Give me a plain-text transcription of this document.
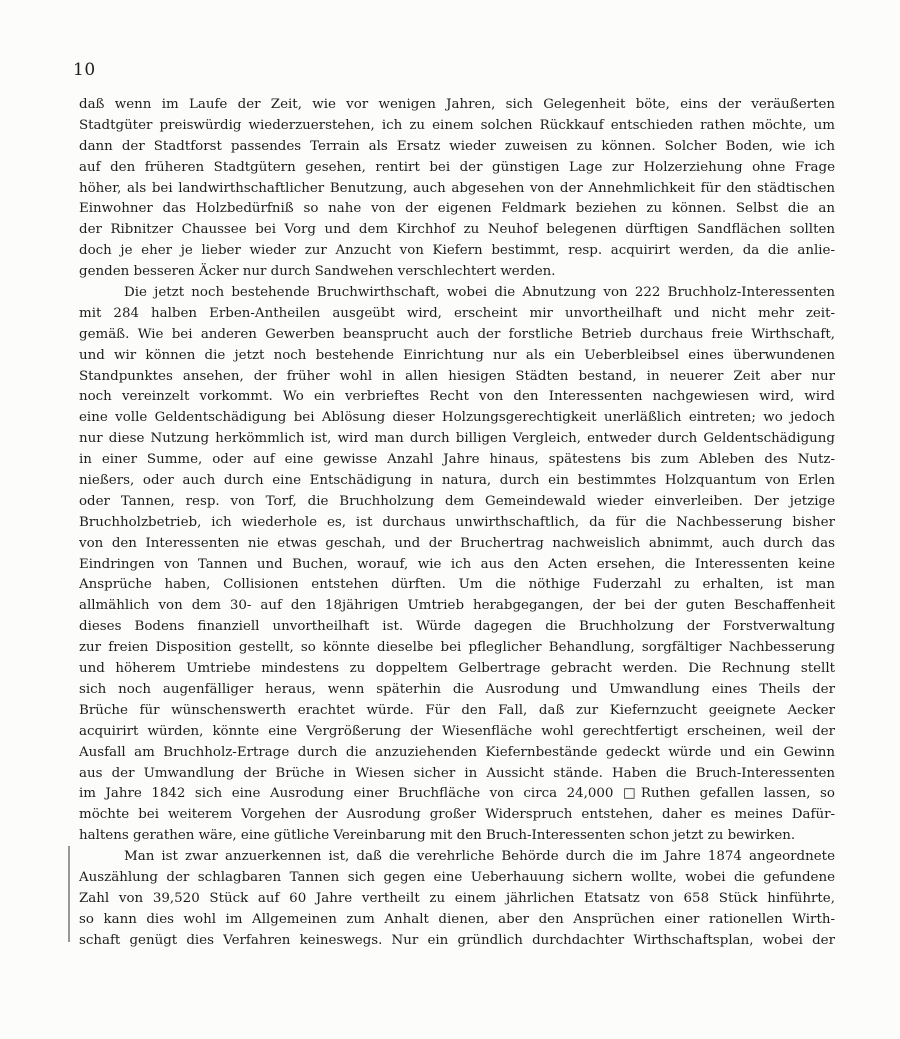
10
daß wenn im Laufe der Zeit, wie vor wenigen Jahren, sich Gelegenheit böte, eins der veräußerten
Stadtgüter preiswürdig wiederzuerstehen, ich zu einem solchen Rückkauf entschieden rathen möchte, um
dann der Stadtforst passendes Terrain als Ersatz wieder zuweisen zu können. Solcher Boden, wie ich
auf den früheren Stadtgütern gesehen, rentirt bei der günstigen Lage zur Holzerziehung ohne Frage
höher, als bei landwirthschaftlicher Benutzung, auch abgesehen von der Annehmlichkeit für den städtischen
Einwohner das Holzbedürfniß so nahe von der eigenen Feldmark beziehen zu können. Selbst die an
der Ribnitzer Chaussee bei Vorg und dem Kirchhof zu Neuhof belegenen dürftigen Sandflächen sollten
doch je eher je lieber wieder zur Anzucht von Kiefern bestimmt, resp. acquirirt werden, da die anlie-
genden besseren Äcker nur durch Sandwehen verschlechtert werden.
Die jetzt noch bestehende Bruchwirthschaft, wobei die Abnutzung von 222 Bruchholz-Interessenten
mit 284 halben Erben-Antheilen ausgeübt wird, erscheint mir unvortheilhaft und nicht mehr zeit-
gemäß. Wie bei anderen Gewerben beansprucht auch der forstliche Betrieb durchaus freie Wirthschaft,
und wir können die jetzt noch bestehende Einrichtung nur als ein Ueberbleibsel eines überwundenen
Standpunktes ansehen, der früher wohl in allen hiesigen Städten bestand, in neuerer Zeit aber nur
noch vereinzelt vorkommt. Wo ein verbrieftes Recht von den Interessenten nachgewiesen wird, wird
eine volle Geldentschädigung bei Ablösung dieser Holzungsgerechtigkeit unerläßlich eintreten; wo jedoch
nur diese Nutzung herkömmlich ist, wird man durch billigen Vergleich, entweder durch Geldentschädigung
in einer Summe, oder auf eine gewisse Anzahl Jahre hinaus, spätestens bis zum Ableben des Nutz-
nießers, oder auch durch eine Entschädigung in natura, durch ein bestimmtes Holzquantum von Erlen
oder Tannen, resp. von Torf, die Bruchholzung dem Gemeindewald wieder einverleiben. Der jetzige
Bruchholzbetrieb, ich wiederhole es, ist durchaus unwirthschaftlich, da für die Nachbesserung bisher
von den Interessenten nie etwas geschah, und der Bruchertrag nachweislich abnimmt, auch durch das
Eindringen von Tannen und Buchen, worauf, wie ich aus den Acten ersehen, die Interessenten keine
Ansprüche haben, Collisionen entstehen dürften. Um die nöthige Fuderzahl zu erhalten, ist man
allmählich von dem 30- auf den 18jährigen Umtrieb herabgegangen, der bei der guten Beschaffenheit
dieses Bodens finanziell unvortheilhaft ist. Würde dagegen die Bruchholzung der Forstverwaltung
zur freien Disposition gestellt, so könnte dieselbe bei pfleglicher Behandlung, sorgfältiger Nachbesserung
und höherem Umtriebe mindestens zu doppeltem Gelbertrage gebracht werden. Die Rechnung stellt
sich noch augenfälliger heraus, wenn späterhin die Ausrodung und Umwandlung eines Theils der
Brüche für wünschenswerth erachtet würde. Für den Fall, daß zur Kiefernzucht geeignete Aecker
acquirirt würden, könnte eine Vergrößerung der Wiesenfläche wohl gerechtfertigt erscheinen, weil der
Ausfall am Bruchholz-Ertrage durch die anzuziehenden Kiefernbestände gedeckt würde und ein Gewinn
aus der Umwandlung der Brüche in Wiesen sicher in Aussicht stände. Haben die Bruch-Interessenten
im Jahre 1842 sich eine Ausrodung einer Bruchfläche von circa 24,000 □Ruthen gefallen lassen, so
möchte bei weiterem Vorgehen der Ausrodung großer Widerspruch entstehen, daher es meines Dafür-
haltens gerathen wäre, eine gütliche Vereinbarung mit den Bruch-Interessenten schon jetzt zu bewirken.
Man ist zwar anzuerkennen ist, daß die verehrliche Behörde durch die im Jahre 1874 angeordnete
Auszählung der schlagbaren Tannen sich gegen eine Ueberhauung sichern wollte, wobei die gefundene
Zahl von 39,520 Stück auf 60 Jahre vertheilt zu einem jährlichen Etatsatz von 658 Stück hinführte,
so kann dies wohl im Allgemeinen zum Anhalt dienen, aber den Ansprüchen einer rationellen Wirth-
schaft genügt dies Verfahren keineswegs. Nur ein gründlich durchdachter Wirthschaftsplan, wobei der
